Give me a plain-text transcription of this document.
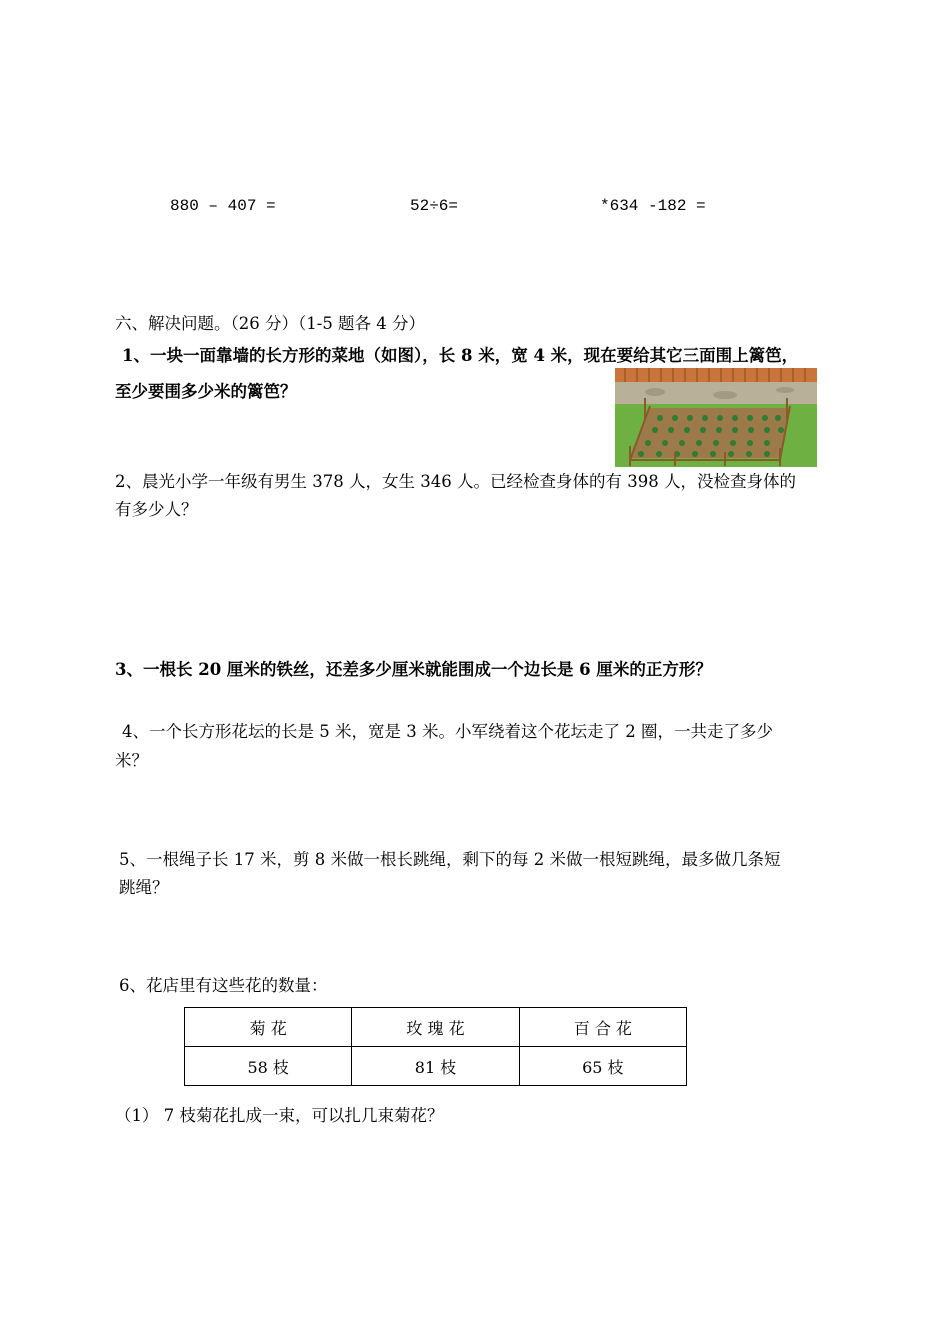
880 – 407 =	52÷6=	*634 -182 =
六、解决问题。（26 分）（1-5 题各 4 分）
1、一块一面靠墙的长方形的菜地（如图），长 8 米，宽 4 米，现在要给其它三面围上篱笆，
至少要围多少米的篱笆？
2、晨光小学一年级有男生 378 人，女生 346 人。已经检查身体的有 398 人，没检查身体的
有多少人？
3、一根长 20 厘米的铁丝，还差多少厘米就能围成一个边长是 6 厘米的正方形？
4、一个长方形花坛的长是 5 米，宽是 3 米。小军绕着这个花坛走了 2 圈，一共走了多少
米？
5、一根绳子长 17 米，剪 8 米做一根长跳绳，剩下的每 2 米做一根短跳绳，最多做几条短
跳绳？
6、花店里有这些花的数量：
菊 花	玫 瑰 花	百 合 花
58 枝	81 枝	65 枝
（1） 7 枝菊花扎成一束，可以扎几束菊花？
